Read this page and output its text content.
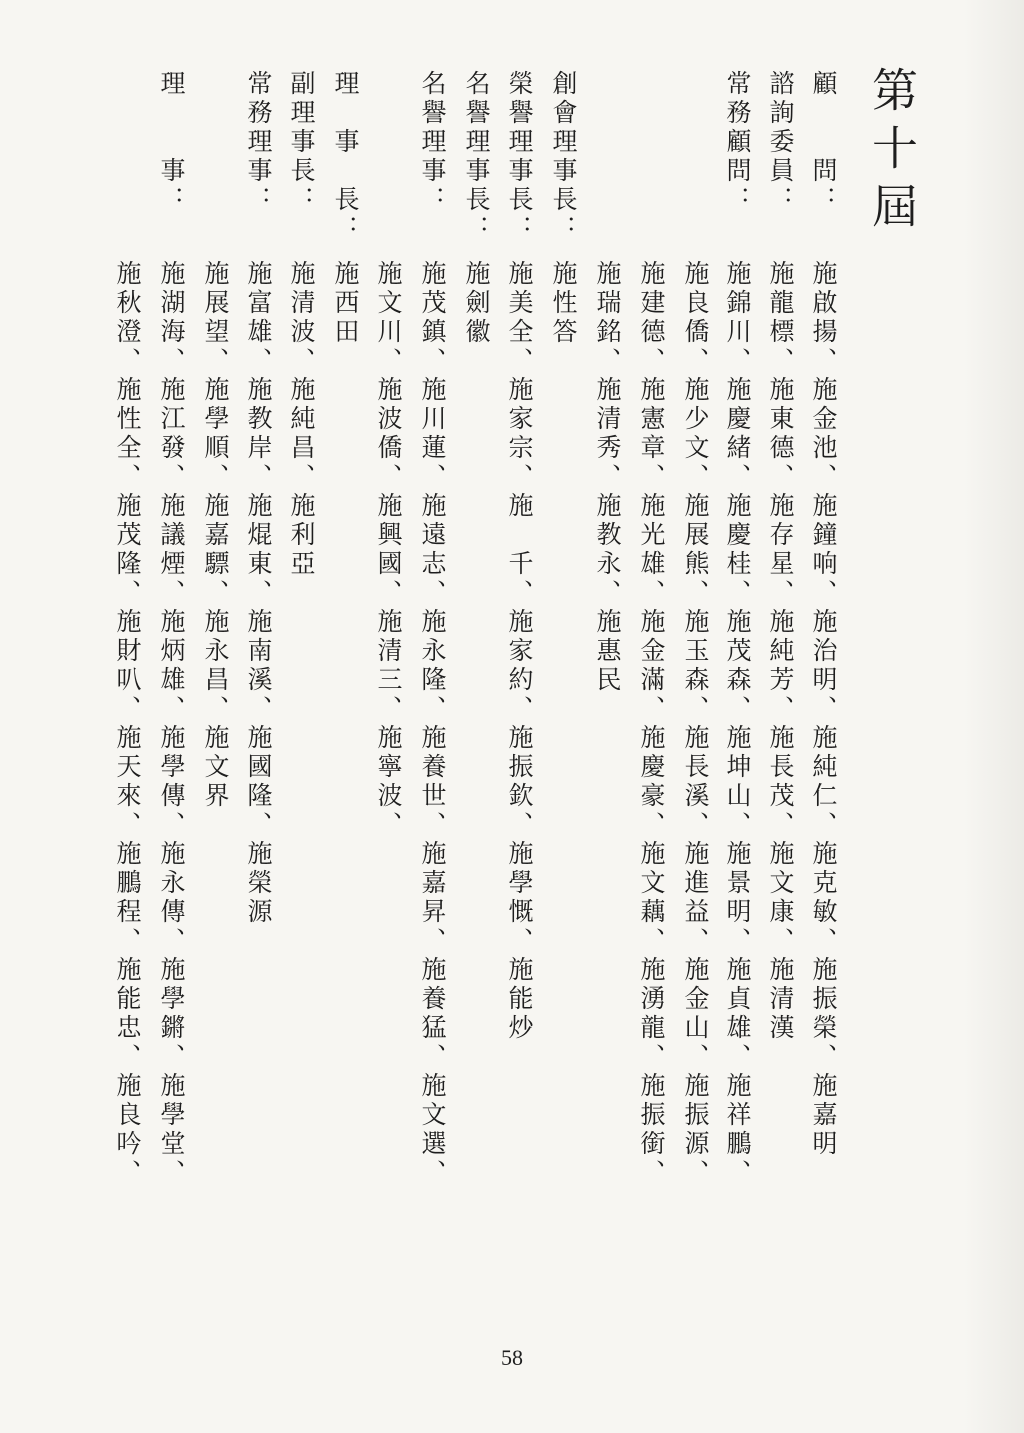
第十屆
顧　　問：施啟揚、施金池、施鐘响、施治明、施純仁、施克敏、施振榮、施嘉明
諮詢委員：施龍標、施東德、施存星、施純芳、施長茂、施文康、施清漢
常務顧問：施錦川、施慶緒、施慶桂、施茂森、施坤山、施景明、施貞雄、施祥鵬、
施良僑、施少文、施展熊、施玉森、施長溪、施進益、施金山、施振源、
施建德、施憲章、施光雄、施金滿、施慶豪、施文藕、施湧龍、施振銜、
施瑞銘、施清秀、施教永、施惠民
創會理事長：施性答
榮譽理事長：施美全、施家宗、施　千、施家約、施振欽、施學慨、施能炒
名譽理事長：施劍徽
名譽理事：施茂鎮、施川蓮、施遠志、施永隆、施養世、施嘉昇、施養猛、施文選、
施文川、施波僑、施興國、施清三、施寧波、
理　事　長：施西田
副理事長：施清波、施純昌、施利亞
常務理事：施富雄、施教岸、施焜東、施南溪、施國隆、施榮源
施展望、施學順、施嘉驃、施永昌、施文界
理　　事：施湖海、施江發、施議煙、施炳雄、施學傳、施永傳、施學鏘、施學堂、
施秋澄、施性全、施茂隆、施財叭、施天來、施鵬程、施能忠、施良吟、
58
